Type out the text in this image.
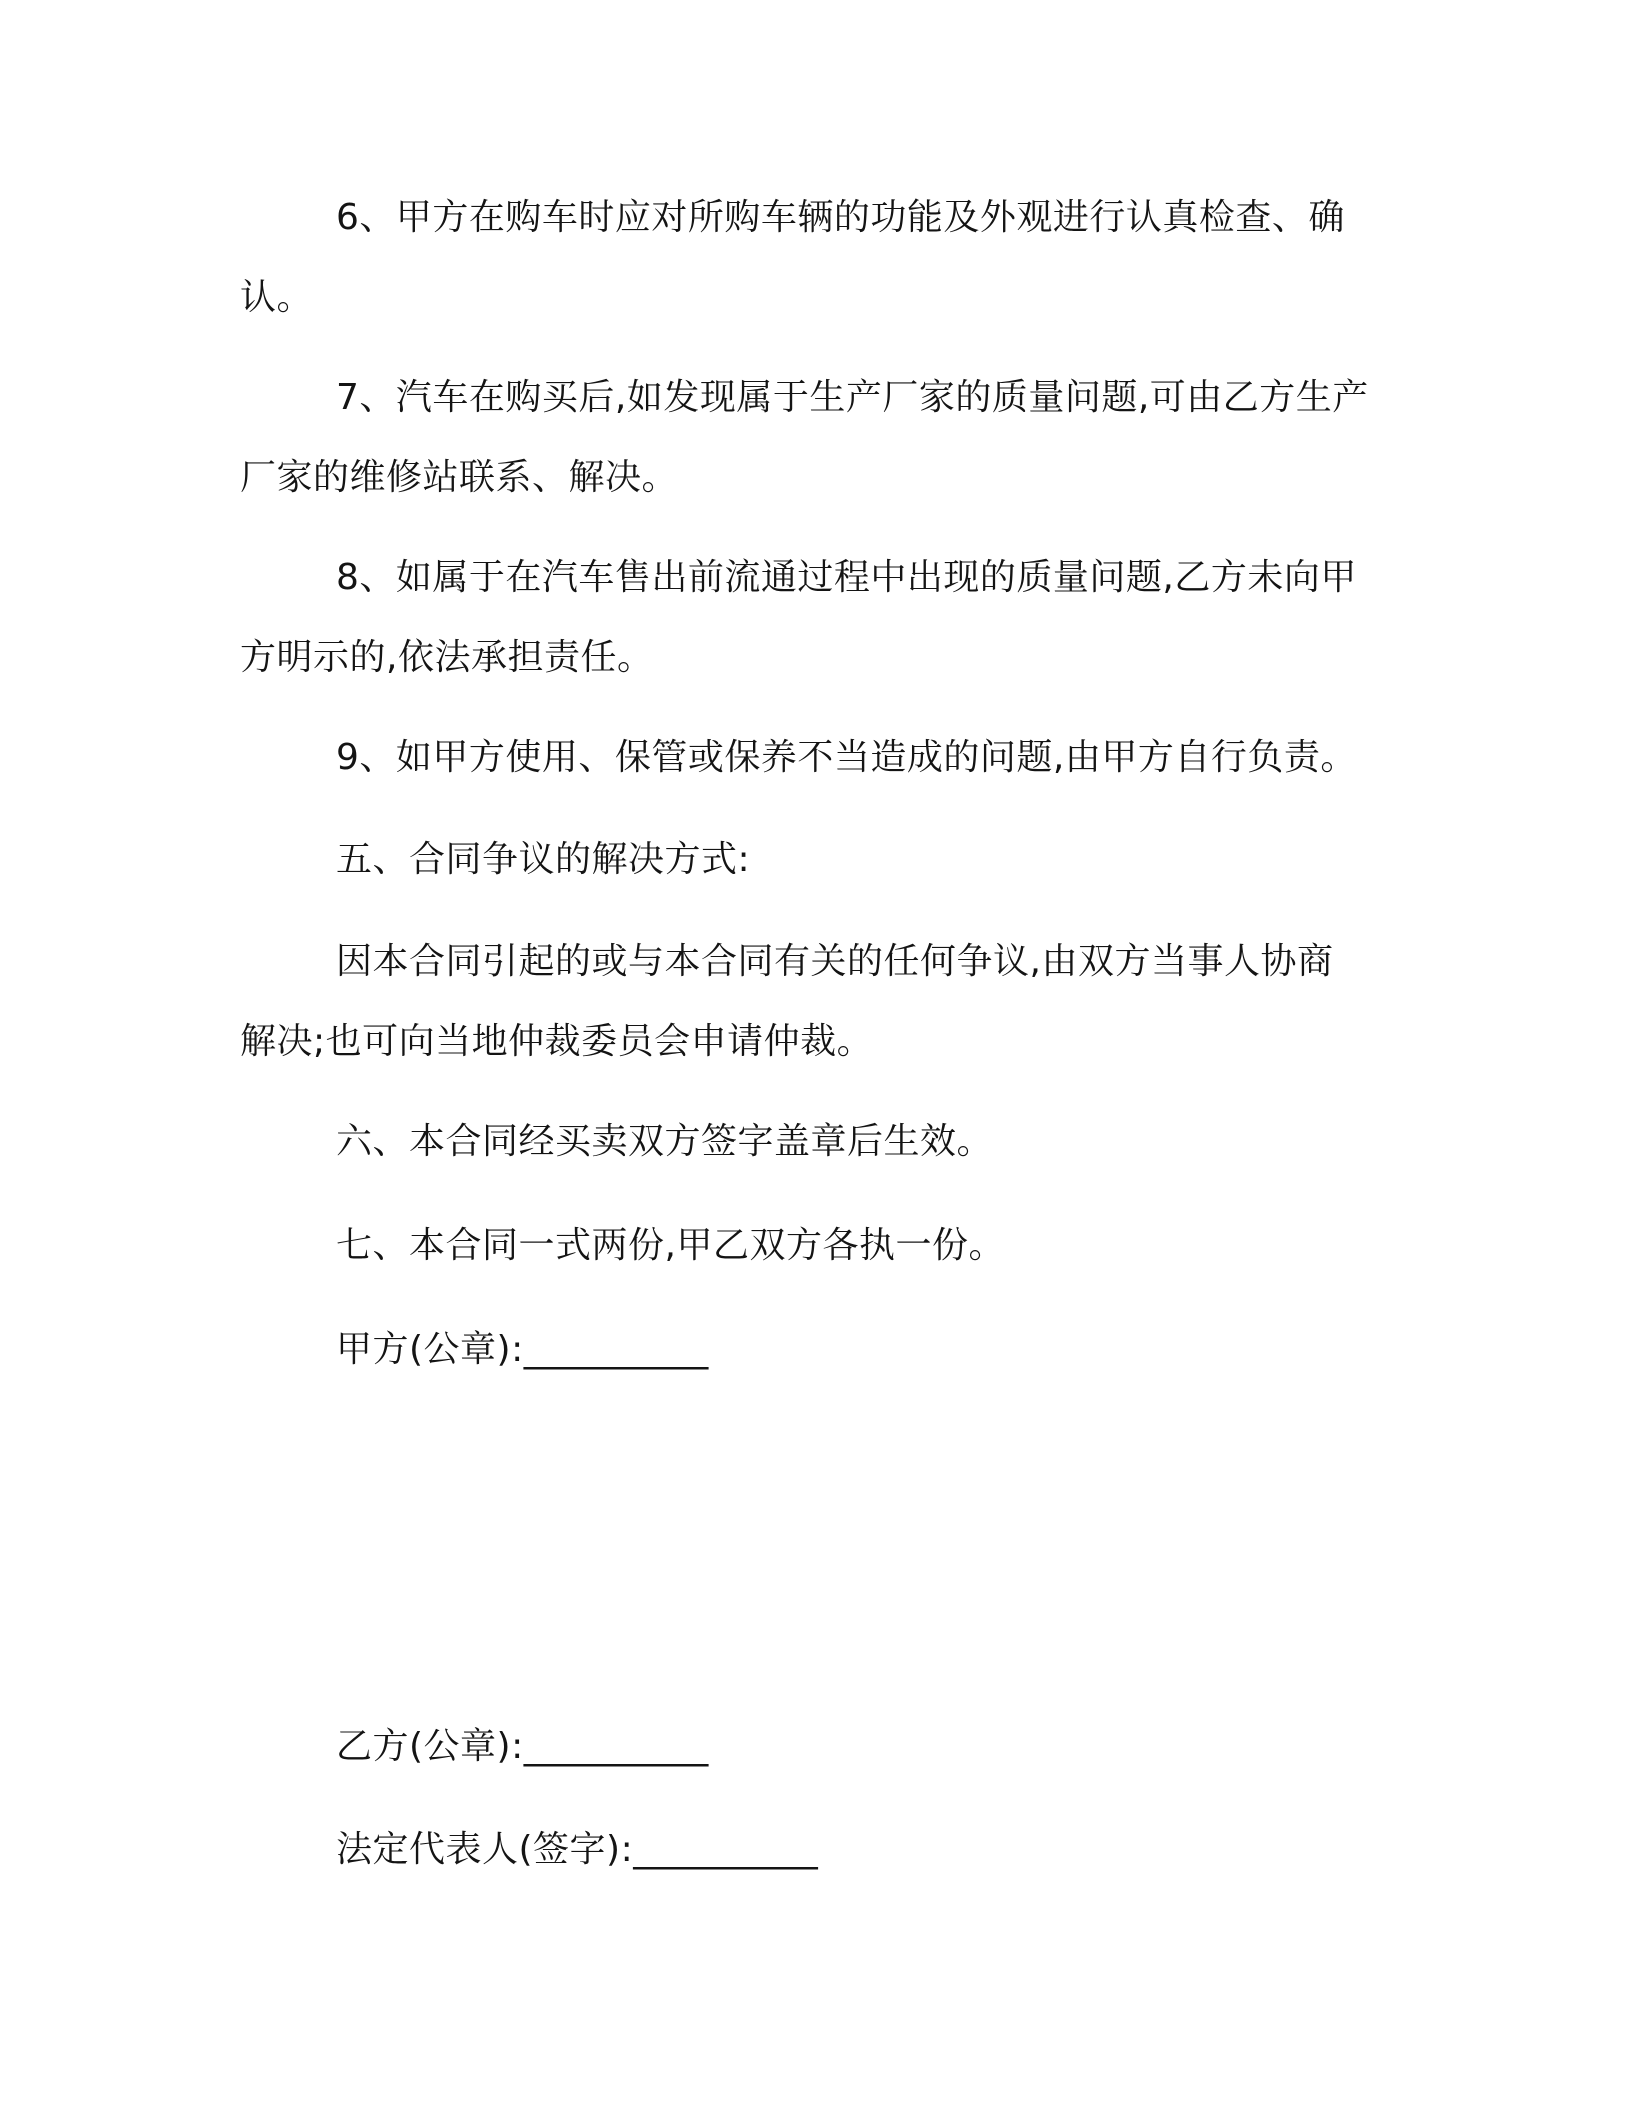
6、甲方在购车时应对所购车辆的功能及外观进行认真检查、确
认。
7、汽车在购买后,如发现属于生产厂家的质量问题,可由乙方生产
厂家的维修站联系、解决。
8、如属于在汽车售出前流通过程中出现的质量问题,乙方未向甲
方明示的,依法承担责任。
9、如甲方使用、保管或保养不当造成的问题,由甲方自行负责。
五、合同争议的解决方式:
因本合同引起的或与本合同有关的任何争议,由双方当事人协商
解决;也可向当地仲裁委员会申请仲裁。
六、本合同经买卖双方签字盖章后生效。
七、本合同一式两份,甲乙双方各执一份。
甲方(公章):__________
乙方(公章):__________
法定代表人(签字):__________
